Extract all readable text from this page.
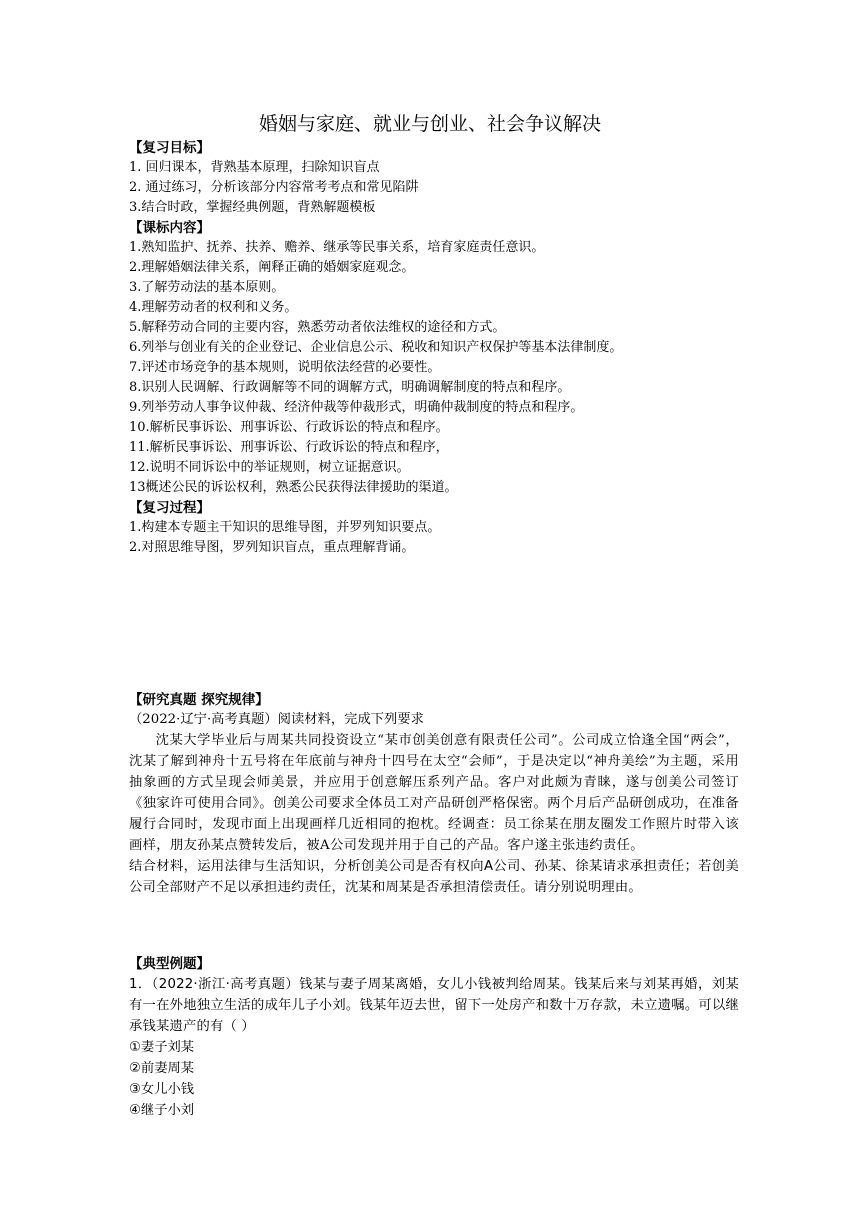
婚姻与家庭、就业与创业、社会争议解决
【复习目标】
1. 回归课本，背熟基本原理，扫除知识盲点
2. 通过练习，分析该部分内容常考考点和常见陷阱
3.结合时政，掌握经典例题，背熟解题模板
【课标内容】
1.熟知监护、抚养、扶养、赡养、继承等民事关系，培育家庭责任意识。
2.理解婚姻法律关系，阐释正确的婚姻家庭观念。
3.了解劳动法的基本原则。
4.理解劳动者的权利和义务。
5.解释劳动合同的主要内容，熟悉劳动者依法维权的途径和方式。
6.列举与创业有关的企业登记、企业信息公示、税收和知识产权保护等基本法律制度。
7.评述市场竞争的基本规则，说明依法经营的必要性。
8.识别人民调解、行政调解等不同的调解方式，明确调解制度的特点和程序。
9.列举劳动人事争议仲裁、经济仲裁等仲裁形式，明确仲裁制度的特点和程序。
10.解析民事诉讼、刑事诉讼、行政诉讼的特点和程序。
11.解析民事诉讼、刑事诉讼、行政诉讼的特点和程序，
12.说明不同诉讼中的举证规则，树立证据意识。
13概述公民的诉讼权利，熟悉公民获得法律援助的渠道。
【复习过程】
1.构建本专题主干知识的思维导图，并罗列知识要点。
2.对照思维导图，罗列知识盲点，重点理解背诵。
【研究真题 探究规律】
（2022·辽宁·高考真题）阅读材料，完成下列要求

沈某大学毕业后与周某共同投资设立“某市创美创意有限责任公司”。公司成立恰逢全国“两会”，沈某了解到神舟十五号将在年底前与神舟十四号在太空“会师”，于是决定以“神舟美绘”为主题，采用抽象画的方式呈现会师美景，并应用于创意解压系列产品。客户对此颇为青睐，遂与创美公司签订《独家许可使用合同》。创美公司要求全体员工对产品研创严格保密。两个月后产品研创成功，在准备履行合同时，发现市面上出现画样几近相同的抱枕。经调查：员工徐某在朋友圈发工作照片时带入该画样，朋友孙某点赞转发后，被A公司发现并用于自己的产品。客户遂主张违约责任。

结合材料，运用法律与生活知识，分析创美公司是否有权向A公司、孙某、徐某请求承担责任；若创美公司全部财产不足以承担违约责任，沈某和周某是否承担清偿责任。请分别说明理由。

【典型例题】

1．（2022·浙江·高考真题）钱某与妻子周某离婚，女儿小钱被判给周某。钱某后来与刘某再婚，刘某有一在外地独立生活的成年儿子小刘。钱某年迈去世，留下一处房产和数十万存款，未立遗嘱。可以继承钱某遗产的有（ ）

①妻子刘某
②前妻周某
③女儿小钱
④继子小刘
